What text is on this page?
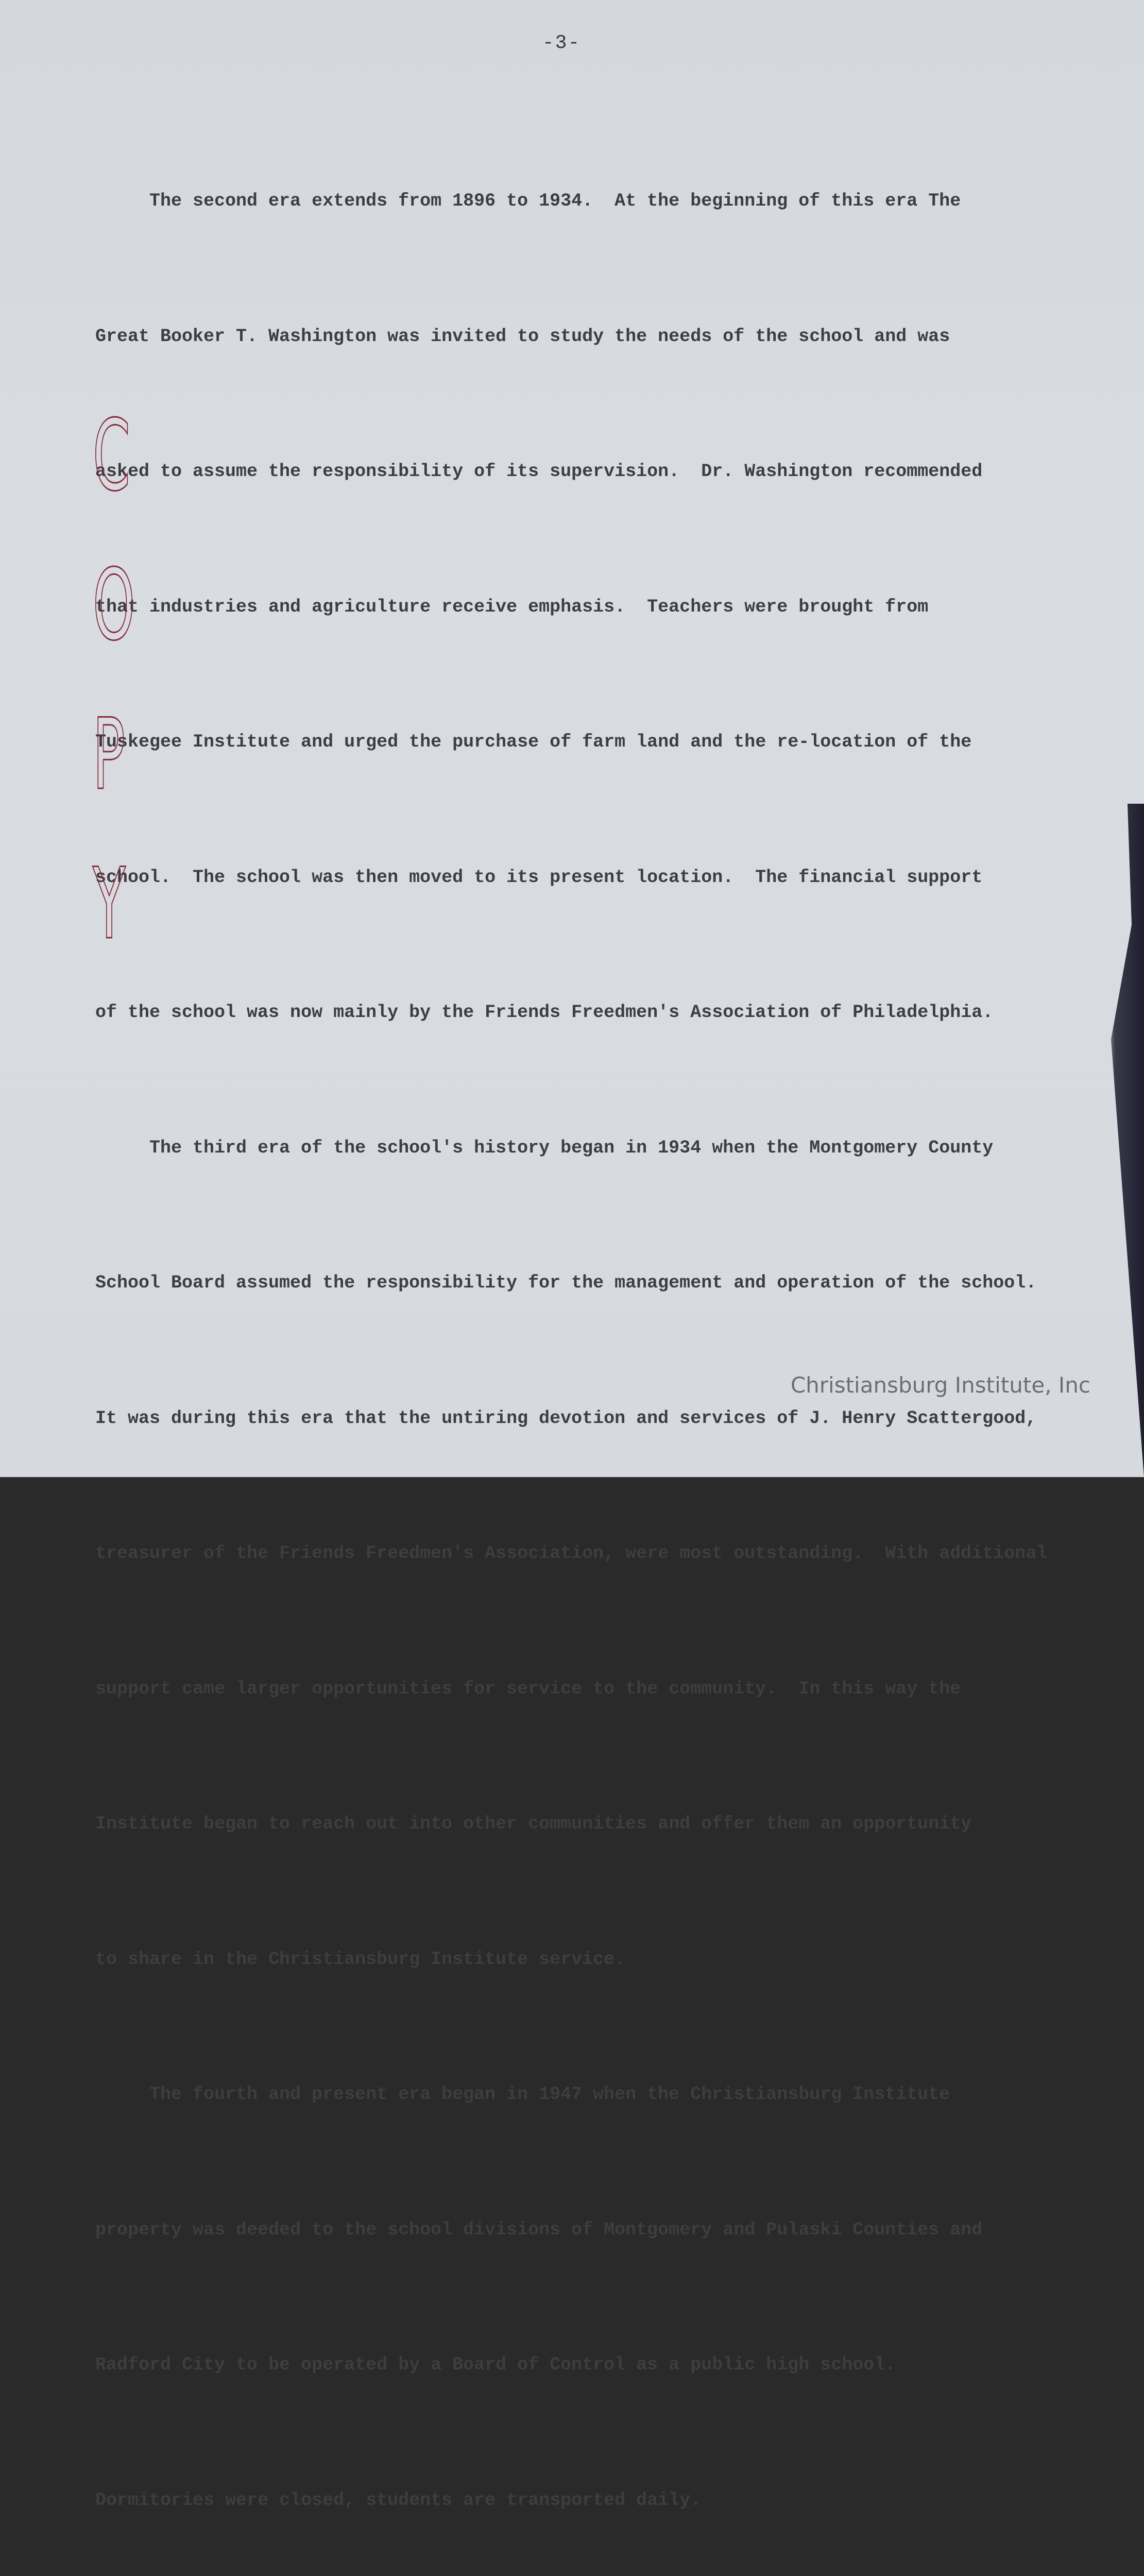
-3-

The second era extends from 1896 to 1934.  At the beginning of this era The

Great Booker T. Washington was invited to study the needs of the school and was

asked to assume the responsibility of its supervision.  Dr. Washington recommended

that industries and agriculture receive emphasis.  Teachers were brought from

Tuskegee Institute and urged the purchase of farm land and the re-location of the

school.  The school was then moved to its present location.  The financial support

of the school was now mainly by the Friends Freedmen's Association of Philadelphia.

The third era of the school's history began in 1934 when the Montgomery County

School Board assumed the responsibility for the management and operation of the school.

It was during this era that the untiring devotion and services of J. Henry Scattergood,

treasurer of the Friends Freedmen's Association, were most outstanding.  With additional

support came larger opportunities for service to the community.  In this way the

Institute began to reach out into other communities and offer them an opportunity

to share in the Christiansburg Institute service.

The fourth and present era began in 1947 when the Christiansburg Institute

property was deeded to the school divisions of Montgomery and Pulaski Counties and

Radford City to be operated by a Board of Control as a public high school.

Dormitories were closed, students are transported daily.

C
O
P
Y
Christiansburg Institute, Inc
